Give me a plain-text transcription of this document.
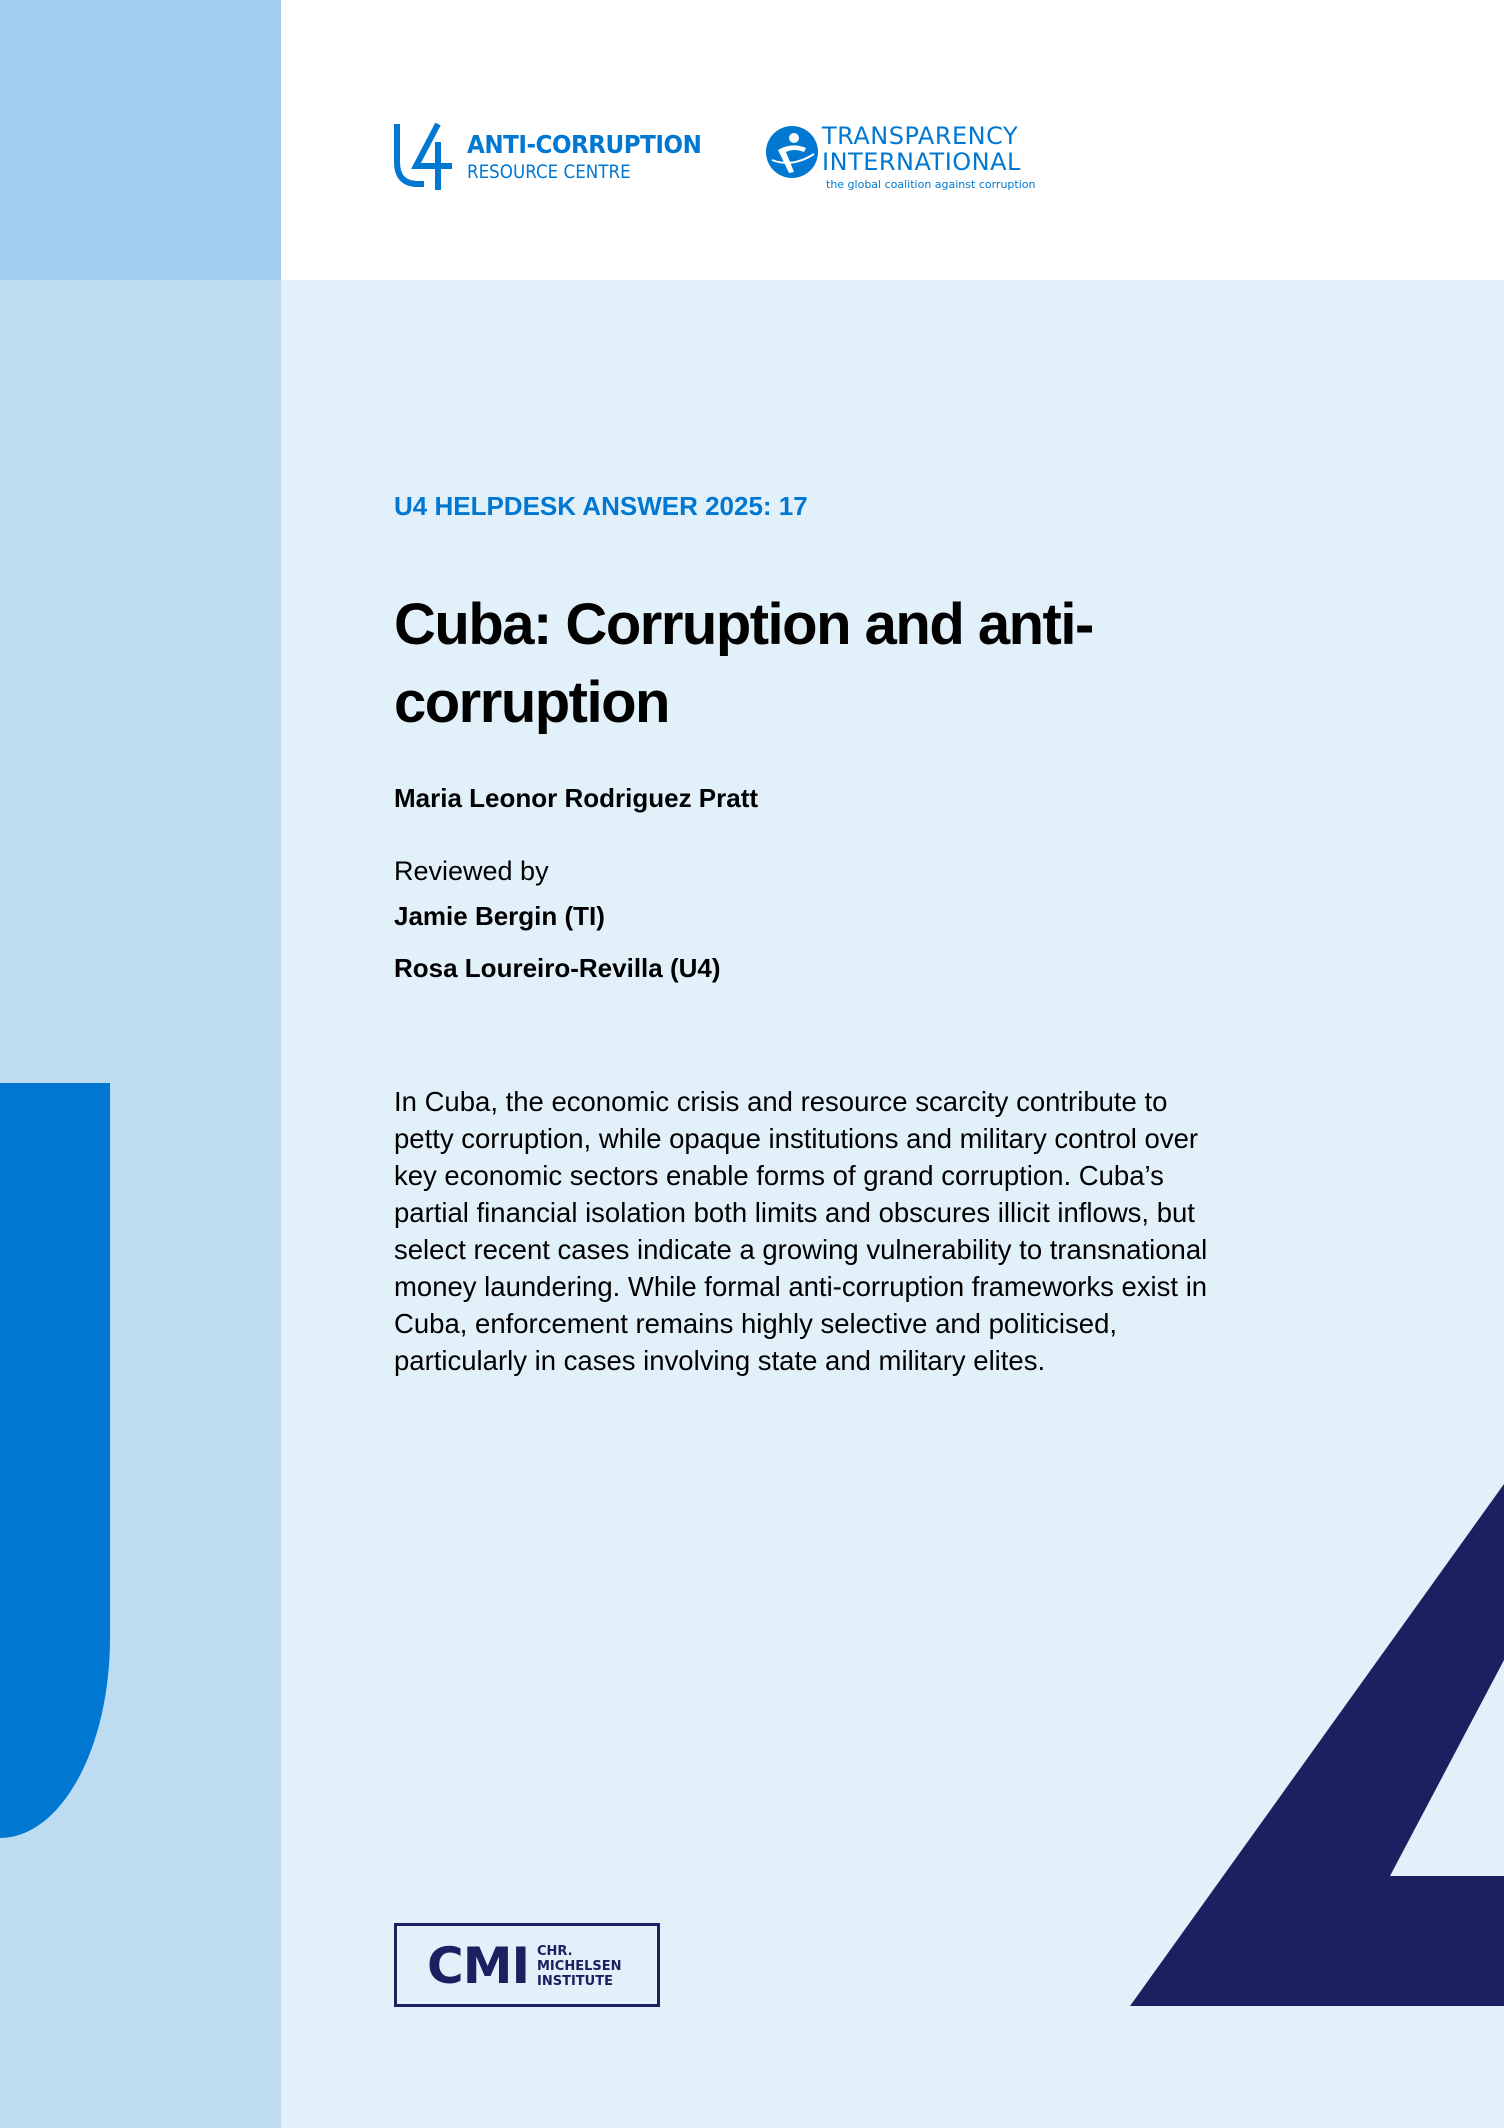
ANTI-CORRUPTION
RESOURCE CENTRE
TRANSPARENCY
INTERNATIONAL
the global coalition against corruption
U4 HELPDESK ANSWER 2025: 17
Cuba: Corruption and anti-corruption
Maria Leonor Rodriguez Pratt
Reviewed by
Jamie Bergin (TI)
Rosa Loureiro-Revilla (U4)

In Cuba, the economic crisis and resource scarcity contribute to petty corruption, while opaque institutions and military control over key economic sectors enable forms of grand corruption. Cuba’s partial financial isolation both limits and obscures illicit inflows, but select recent cases indicate a growing vulnerability to transnational money laundering. While formal anti-corruption frameworks exist in Cuba, enforcement remains highly selective and politicised, particularly in cases involving state and military elites.

CMI CHR.
MICHELSEN
INSTITUTE
